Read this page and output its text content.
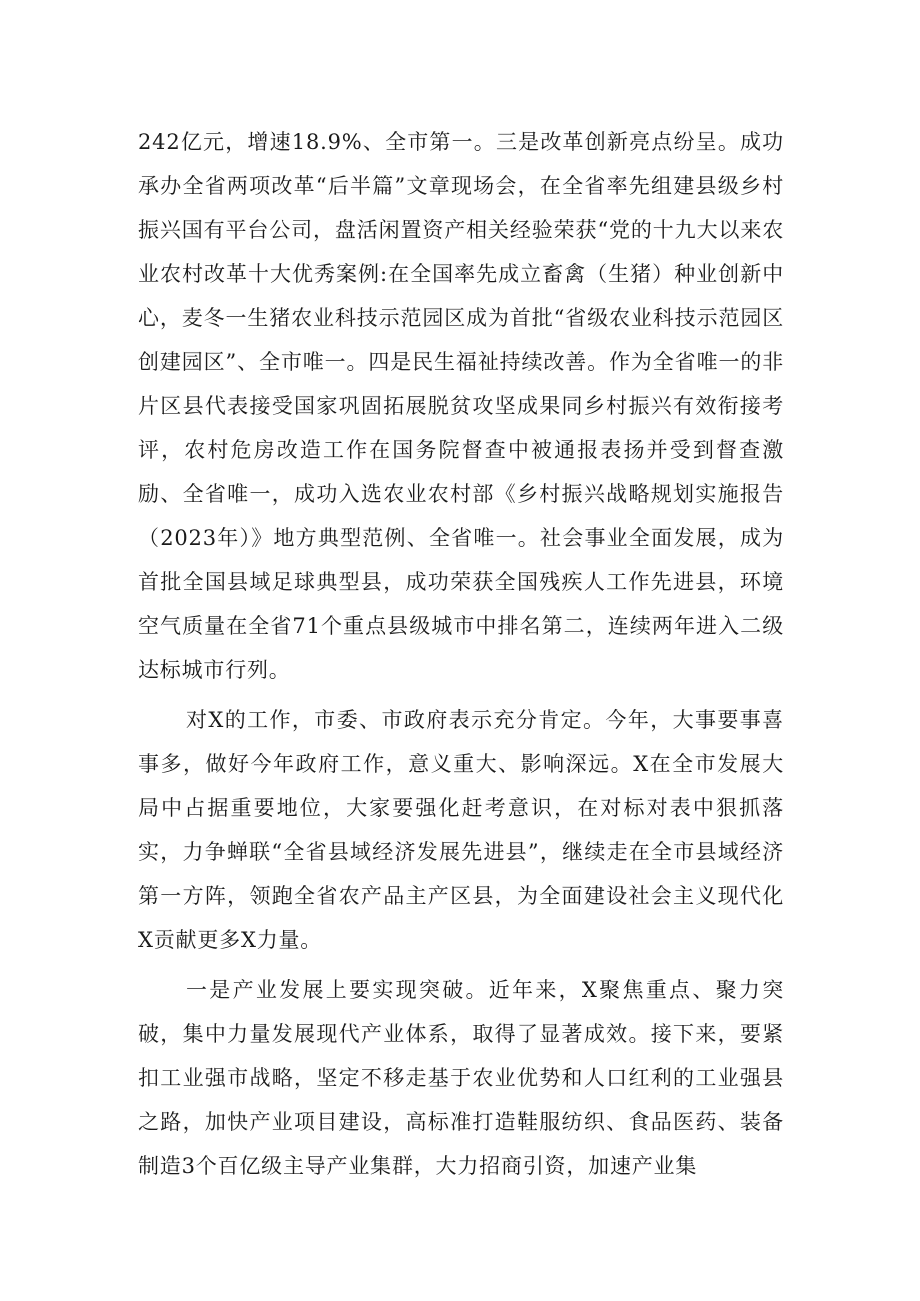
242亿元，增速18.9%、全市第一。三是改革创新亮点纷呈。成功承办全省两项改革“后半篇”文章现场会，在全省率先组建县级乡村振兴国有平台公司，盘活闲置资产相关经验荣获“党的十九大以来农业农村改革十大优秀案例:在全国率先成立畜禽（生猪）种业创新中心，麦冬一生猪农业科技示范园区成为首批“省级农业科技示范园区创建园区”、全市唯一。四是民生福祉持续改善。作为全省唯一的非片区县代表接受国家巩固拓展脱贫攻坚成果同乡村振兴有效衔接考评，农村危房改造工作在国务院督查中被通报表扬并受到督查激励、全省唯一，成功入选农业农村部《乡村振兴战略规划实施报告（2023年）》地方典型范例、全省唯一。社会事业全面发展，成为首批全国县域足球典型县，成功荣获全国残疾人工作先进县，环境空气质量在全省71个重点县级城市中排名第二，连续两年进入二级达标城市行列。

对X的工作，市委、市政府表示充分肯定。今年，大事要事喜事多，做好今年政府工作，意义重大、影响深远。X在全市发展大局中占据重要地位，大家要强化赶考意识，在对标对表中狠抓落实，力争蝉联“全省县域经济发展先进县”，继续走在全市县域经济第一方阵，领跑全省农产品主产区县，为全面建设社会主义现代化X贡献更多X力量。

一是产业发展上要实现突破。近年来，X聚焦重点、聚力突破，集中力量发展现代产业体系，取得了显著成效。接下来，要紧扣工业强市战略，坚定不移走基于农业优势和人口红利的工业强县之路，加快产业项目建设，高标准打造鞋服纺织、食品医药、装备制造3个百亿级主导产业集群，大力招商引资，加速产业集
